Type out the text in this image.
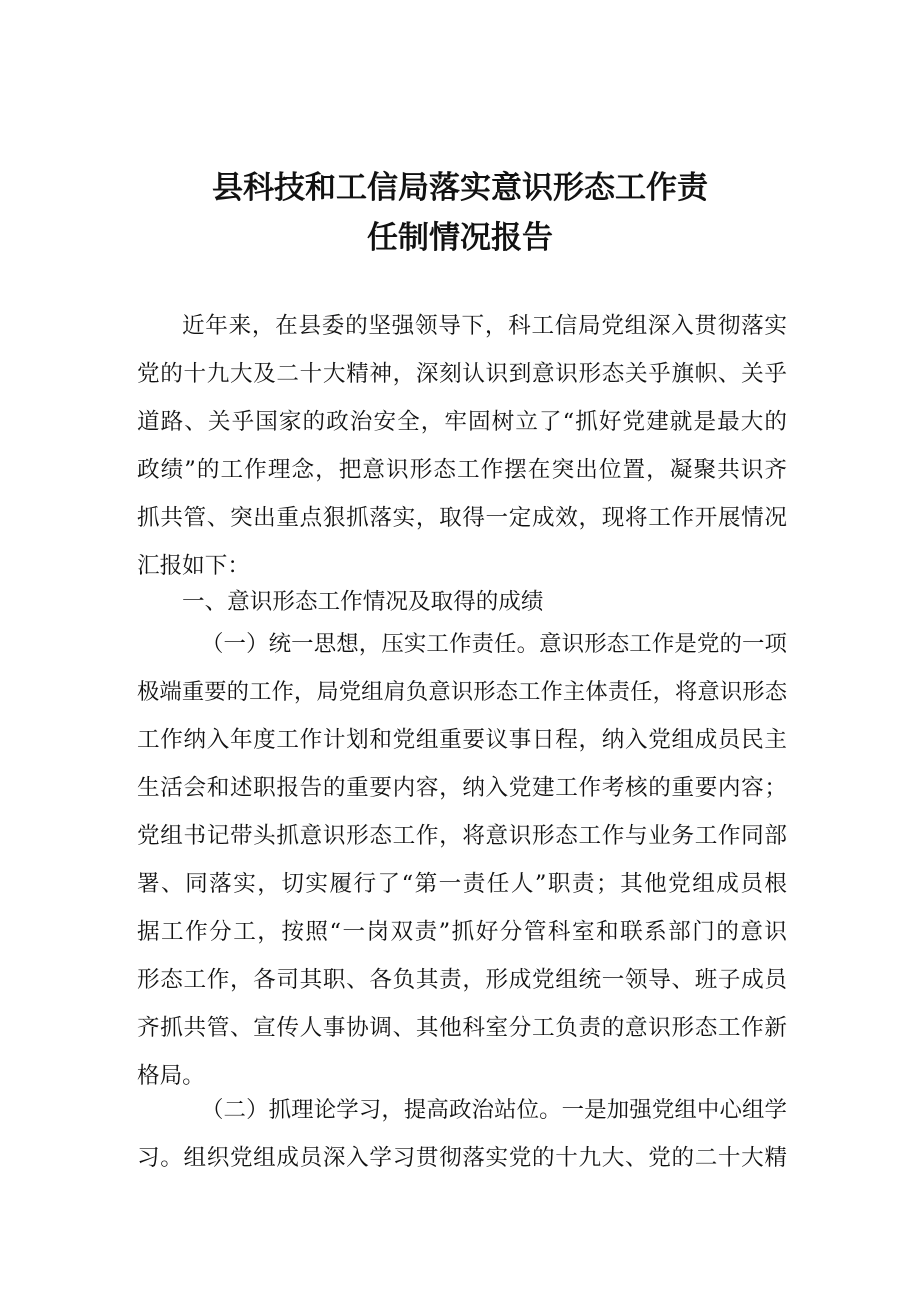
县科技和工信局落实意识形态工作责
任制情况报告
近年来，在县委的坚强领导下，科工信局党组深入贯彻落实
党的十九大及二十大精神，深刻认识到意识形态关乎旗帜、关乎
道路、关乎国家的政治安全，牢固树立了“抓好党建就是最大的
政绩”的工作理念，把意识形态工作摆在突出位置，凝聚共识齐
抓共管、突出重点狠抓落实，取得一定成效，现将工作开展情况
汇报如下：

一、意识形态工作情况及取得的成绩

（一）统一思想，压实工作责任。意识形态工作是党的一项
极端重要的工作，局党组肩负意识形态工作主体责任，将意识形态
工作纳入年度工作计划和党组重要议事日程，纳入党组成员民主
生活会和述职报告的重要内容，纳入党建工作考核的重要内容；
党组书记带头抓意识形态工作，将意识形态工作与业务工作同部
署、同落实，切实履行了“第一责任人”职责；其他党组成员根
据工作分工，按照“一岗双责”抓好分管科室和联系部门的意识
形态工作，各司其职、各负其责，形成党组统一领导、班子成员
齐抓共管、宣传人事协调、其他科室分工负责的意识形态工作新
格局。
（二）抓理论学习，提高政治站位。一是加强党组中心组学
习。组织党组成员深入学习贯彻落实党的十九大、党的二十大精
